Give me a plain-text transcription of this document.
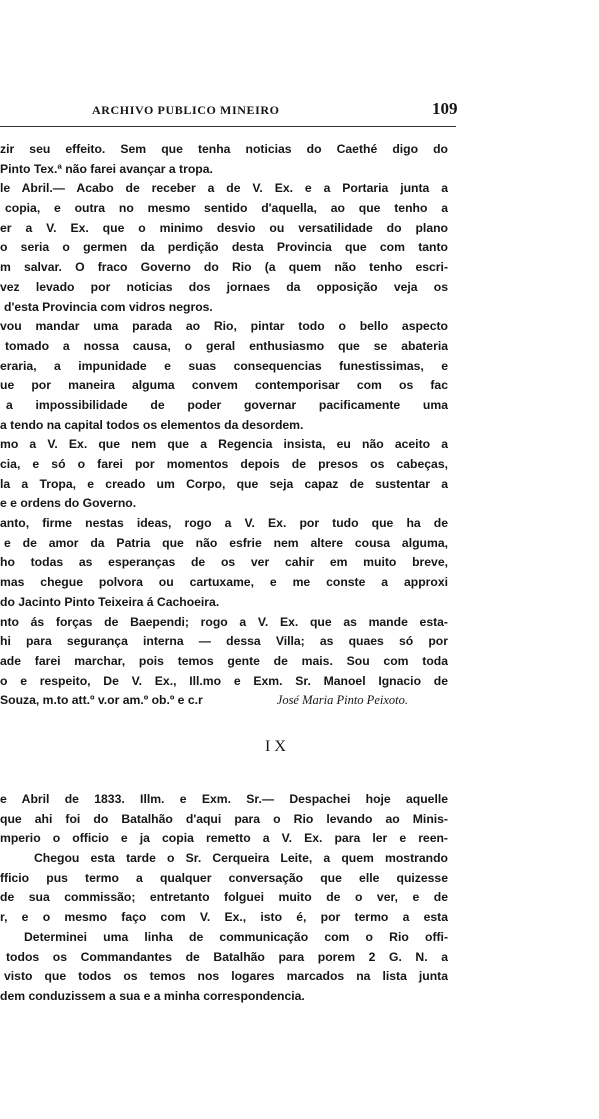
ARCHIVO PUBLICO MINEIRO	109
zir seu effeito. Sem que tenha noticias do Caethé digo do
Pinto Tex.ª não farei avançar a tropa.
le Abril.— Acabo de receber a de V. Ex. e a Portaria junta a
copia, e outra no mesmo sentido d'aquella, ao que tenho a
er a V. Ex. que o minimo desvio ou versatilidade do plano
o seria o germen da perdição desta Provincia que com tanto
m salvar. O fraco Governo do Rio (a quem não tenho escri-
vez levado por noticias dos jornaes da opposição veja os
d'esta Provincia com vidros negros.
vou mandar uma parada ao Rio, pintar todo o bello aspecto
tomado a nossa causa, o geral enthusiasmo que se abateria
eraria, a impunidade e suas consequencias funestissimas, e
ue por maneira alguma convem contemporisar com os fac
a impossibilidade de poder governar pacificamente uma
a tendo na capital todos os elementos da desordem.
mo a V. Ex. que nem que a Regencia insista, eu não aceito a
cia, e só o farei por momentos depois de presos os cabeças,
la a Tropa, e creado um Corpo, que seja capaz de sustentar a
e e ordens do Governo.
anto, firme nestas ideas, rogo a V. Ex. por tudo que ha de
e de amor da Patria que não esfrie nem altere cousa alguma,
ho todas as esperanças de os ver cahir em muito breve,
mas chegue polvora ou cartuxame, e me conste a approxi
do Jacinto Pinto Teixeira á Cachoeira.
nto ás forças de Baependi; rogo a V. Ex. que as mande esta-
hi para segurança interna — dessa Villa; as quaes só por
ade farei marchar, pois temos gente de mais. Sou com toda
o e respeito, De V. Ex., Ill.mo e Exm. Sr. Manoel Ignacio de
Souza, m.to att.º v.or am.º ob.º e c.r	José Maria Pinto Peixoto.
I X
e Abril de 1833. Illm. e Exm. Sr.— Despachei hoje aquelle
que ahi foi do Batalhão d'aqui para o Rio levando ao Minis-
mperio o officio e ja copia remetto a V. Ex. para ler e reen-
Chegou esta tarde o Sr. Cerqueira Leite, a quem mostrando
fficio pus termo a qualquer conversação que elle quizesse
de sua commissão; entretanto folguei muito de o ver, e de
r, e o mesmo faço com V. Ex., isto é, por termo a esta
Determinei uma linha de communicação com o Rio offi-
todos os Commandantes de Batalhão para porem 2 G. N. a
visto que todos os temos nos logares marcados na lista junta
dem conduzissem a sua e a minha correspondencia.
